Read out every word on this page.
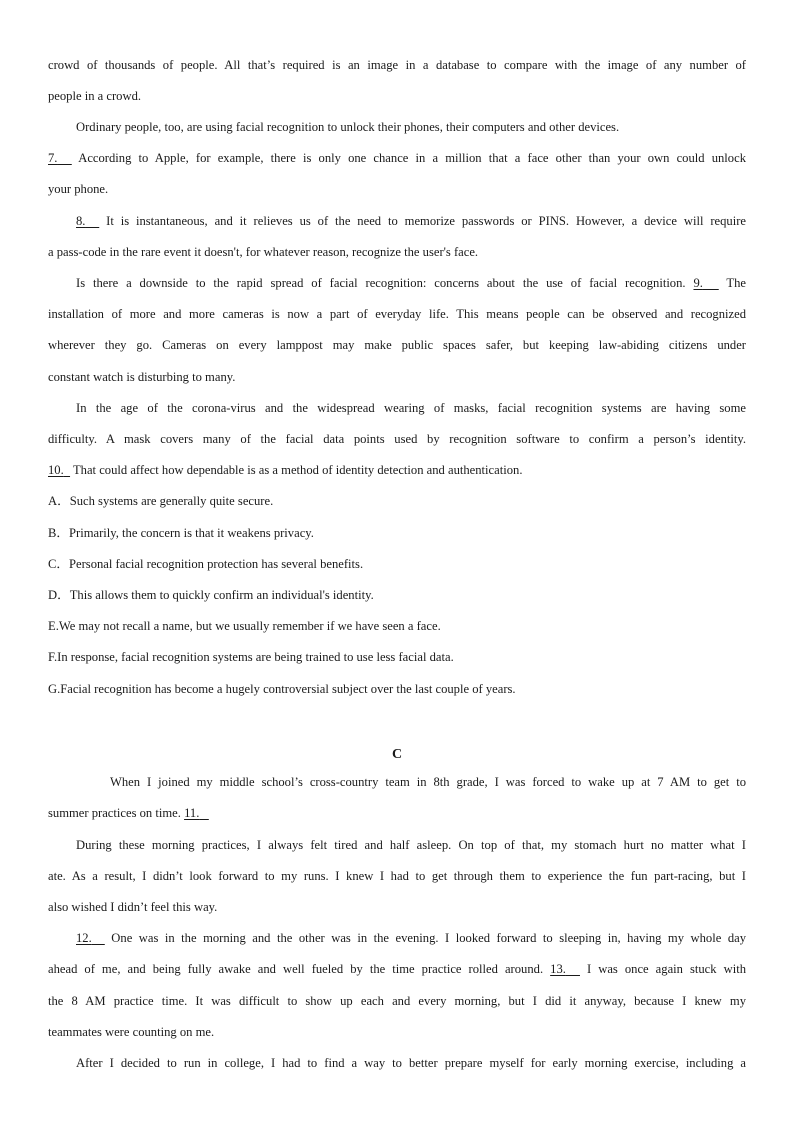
crowd of thousands of people. All that’s required is an image in a database to compare with the image of any number of
people in a crowd.
Ordinary people, too, are using facial recognition to unlock their phones, their computers and other devices.
7. According to Apple, for example, there is only one chance in a million that a face other than your own could unlock
your phone.
8. It is instantaneous, and it relieves us of the need to memorize passwords or PINS. However, a device will require
a pass-code in the rare event it doesn't, for whatever reason, recognize the user's face.
Is there a downside to the rapid spread of facial recognition: concerns about the use of facial recognition. 9. The
installation of more and more cameras is now a part of everyday life. This means people can be observed and recognized
wherever they go. Cameras on every lamppost may make public spaces safer, but keeping law-abiding citizens under
constant watch is disturbing to many.
In the age of the corona-virus and the widespread wearing of masks, facial recognition systems are having some
difficulty. A mask covers many of the facial data points used by recognition software to confirm a person’s identity.
10. That could affect how dependable is as a method of identity detection and authentication.
A．Such systems are generally quite secure.
B．Primarily, the concern is that it weakens privacy.
C．Personal facial recognition protection has several benefits.
D．This allows them to quickly confirm an individual's identity.
E.We may not recall a name, but we usually remember if we have seen a face.
F.In response, facial recognition systems are being trained to use less facial data.
G.Facial recognition has become a hugely controversial subject over the last couple of years.
C
When I joined my middle school’s cross-country team in 8th grade, I was forced to wake up at 7 AM to get to
summer practices on time. 11.
During these morning practices, I always felt tired and half asleep. On top of that, my stomach hurt no matter what I
ate. As a result, I didn’t look forward to my runs. I knew I had to get through them to experience the fun part-racing, but I
also wished I didn’t feel this way.
12. One was in the morning and the other was in the evening. I looked forward to sleeping in, having my whole day
ahead of me, and being fully awake and well fueled by the time practice rolled around. 13. I was once again stuck with
the 8 AM practice time. It was difficult to show up each and every morning, but I did it anyway, because I knew my
teammates were counting on me.
After I decided to run in college, I had to find a way to better prepare myself for early morning exercise, including a
